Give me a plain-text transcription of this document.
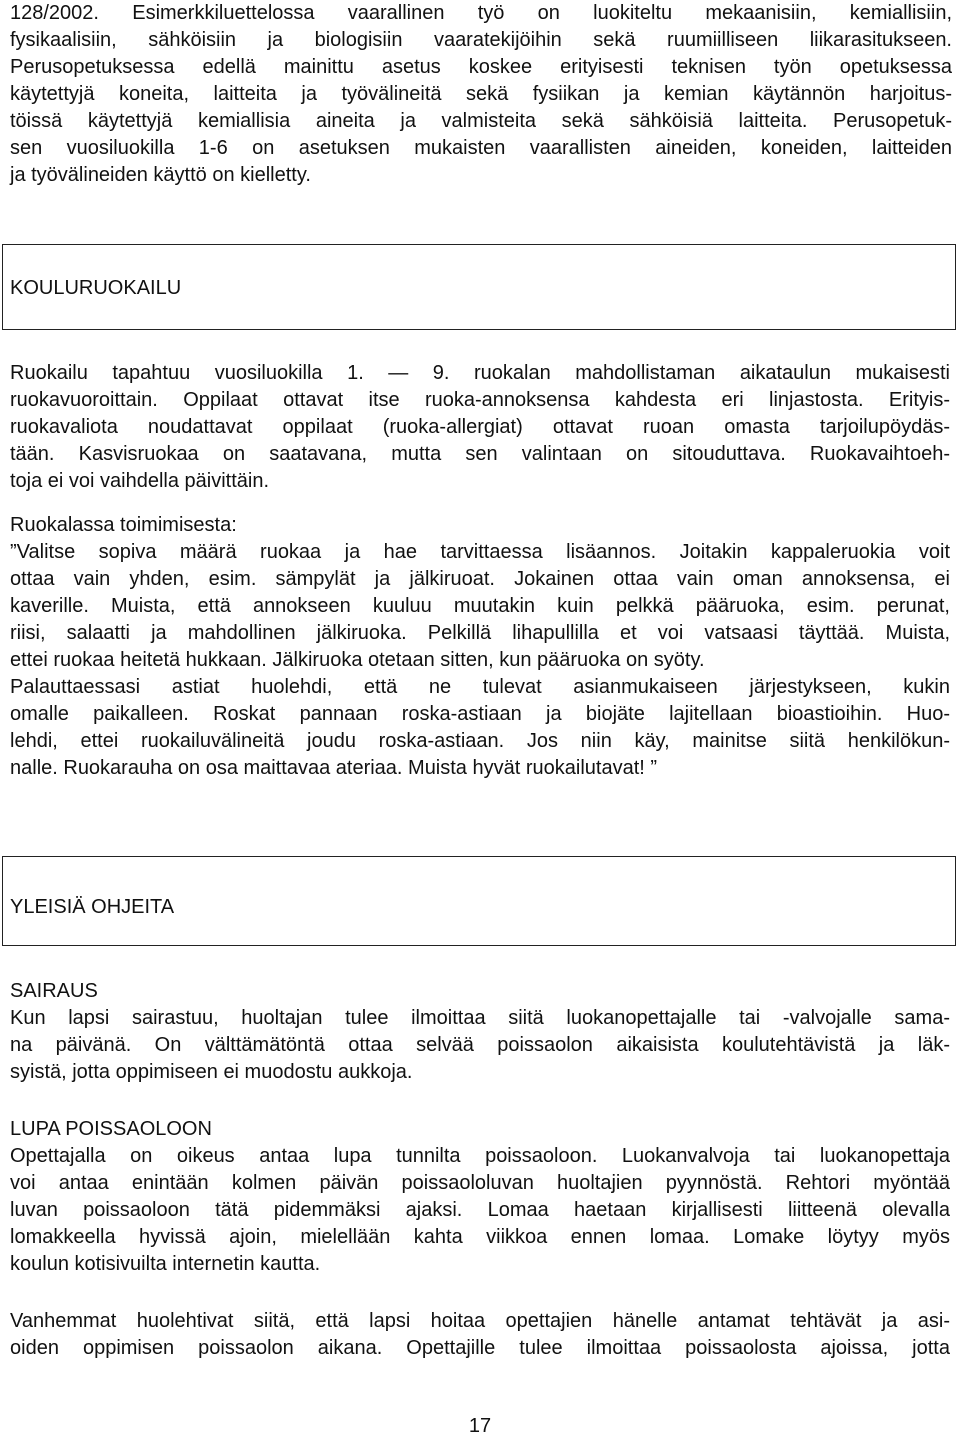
128/2002. Esimerkkiluettelossa vaarallinen työ on luokiteltu mekaanisiin, kemiallisiin,
fysikaalisiin, sähköisiin ja biologisiin vaaratekijöihin sekä ruumiilliseen liikarasitukseen.
Perusopetuksessa edellä mainittu asetus koskee erityisesti teknisen työn opetuksessa
käytettyjä koneita, laitteita ja työvälineitä sekä fysiikan ja kemian käytännön harjoitus-
töissä käytettyjä kemiallisia aineita ja valmisteita sekä sähköisiä laitteita. Perusopetuk-
sen vuosiluokilla 1-6 on asetuksen mukaisten vaarallisten aineiden, koneiden, laitteiden
ja työvälineiden käyttö on kielletty.
KOULURUOKAILU
Ruokailu tapahtuu vuosiluokilla 1. — 9. ruokalan mahdollistaman aikataulun mukaisesti
ruokavuoroittain. Oppilaat ottavat itse ruoka-annoksensa kahdesta eri linjastosta. Erityis-
ruokavaliota noudattavat oppilaat (ruoka-allergiat) ottavat ruoan omasta tarjoilupöydäs-
tään. Kasvisruokaa on saatavana, mutta sen valintaan on sitouduttava. Ruokavaihtoeh-
toja ei voi vaihdella päivittäin.
Ruokalassa toimimisesta:
”Valitse sopiva määrä ruokaa ja hae tarvittaessa lisäannos. Joitakin kappaleruokia voit
ottaa vain yhden, esim. sämpylät ja jälkiruoat. Jokainen ottaa vain oman annoksensa, ei
kaverille. Muista, että annokseen kuuluu muutakin kuin pelkkä pääruoka, esim. perunat,
riisi, salaatti ja mahdollinen jälkiruoka. Pelkillä lihapullilla et voi vatsaasi täyttää. Muista,
ettei ruokaa heitetä hukkaan. Jälkiruoka otetaan sitten, kun pääruoka on syöty.
Palauttaessasi astiat huolehdi, että ne tulevat asianmukaiseen järjestykseen, kukin
omalle paikalleen. Roskat pannaan roska-astiaan ja biojäte lajitellaan bioastioihin. Huo-
lehdi, ettei ruokailuvälineitä joudu roska-astiaan. Jos niin käy, mainitse siitä henkilökun-
nalle. Ruokarauha on osa maittavaa ateriaa. Muista hyvät ruokailutavat! ”
YLEISIÄ OHJEITA
SAIRAUS
Kun lapsi sairastuu, huoltajan tulee ilmoittaa siitä luokanopettajalle tai -valvojalle sama-
na päivänä. On välttämätöntä ottaa selvää poissaolon aikaisista koulutehtävistä ja läk-
syistä, jotta oppimiseen ei muodostu aukkoja.
LUPA POISSAOLOON
Opettajalla on oikeus antaa lupa tunnilta poissaoloon. Luokanvalvoja tai luokanopettaja
voi antaa enintään kolmen päivän poissaololuvan huoltajien pyynnöstä. Rehtori myöntää
luvan poissaoloon tätä pidemmäksi ajaksi. Lomaa haetaan kirjallisesti liitteenä olevalla
lomakkeella hyvissä ajoin, mielellään kahta viikkoa ennen lomaa. Lomake löytyy myös
koulun kotisivuilta internetin kautta.
Vanhemmat huolehtivat siitä, että lapsi hoitaa opettajien hänelle antamat tehtävät ja asi-
oiden oppimisen poissaolon aikana. Opettajille tulee ilmoittaa poissaolosta ajoissa, jotta
17
